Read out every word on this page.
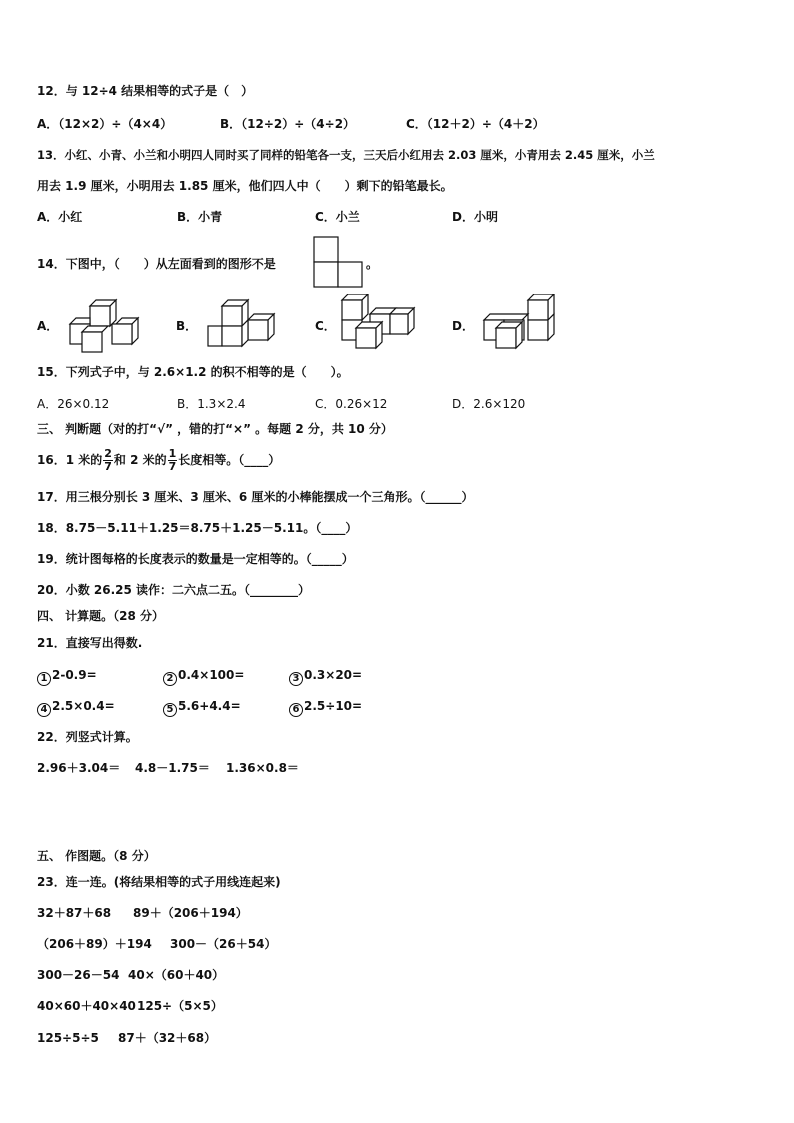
12．与 12÷4 结果相等的式子是（　）
A．（12×2）÷（4×4）	B．（12÷2）÷（4÷2）	C．（12＋2）÷（4＋2）
13．小红、小青、小兰和小明四人同时买了同样的铅笔各一支，三天后小红用去 2.03 厘米，小青用去 2.45 厘米，小兰
用去 1.9 厘米，小明用去 1.85 厘米，他们四人中（　　）剩下的铅笔最长。
A．小红	B．小青	C．小兰	D．小明
14．下图中，（　　）从左面看到的图形不是	。
A．	B．	C．	D．
15．下列式子中，与 2.6×1.2 的积不相等的是（　　）。
A．26×0.12	B．1.3×2.4	C．0.26×12	D．2.6×120
三、 判断题（对的打“√” ，错的打“×” 。每题 2 分，共 10 分）
16．1 米的 $\frac{2}{7}$ 和 2 米的 $\frac{1}{7}$ 长度相等。（____）
17．用三根分别长 3 厘米、3 厘米、6 厘米的小棒能摆成一个三角形。（______）
18．8.75－5.11＋1.25＝8.75＋1.25－5.11。（____）
19．统计图每格的长度表示的数量是一定相等的。（_____）
20．小数 26.25 读作：二六点二五。（________）
四、 计算题。（28 分）
21．直接写出得数.
1 2-0.9=	2 0.4×100=	3 0.3×20=
4 2.5×0.4=	5 5.6+4.4=	6 2.5÷10=
22．列竖式计算。
2.96＋3.04＝ 4.8－1.75＝ 1.36×0.8＝
五、 作图题。（8 分）
23．连一连。(将结果相等的式子用线连起来)
32＋87＋68 89＋（206＋194）
（206＋89）＋194 300－（26＋54）
300－26－54 40×（60＋40）
40×60＋40×40 125÷（5×5）
125÷5÷5 87＋（32＋68）
